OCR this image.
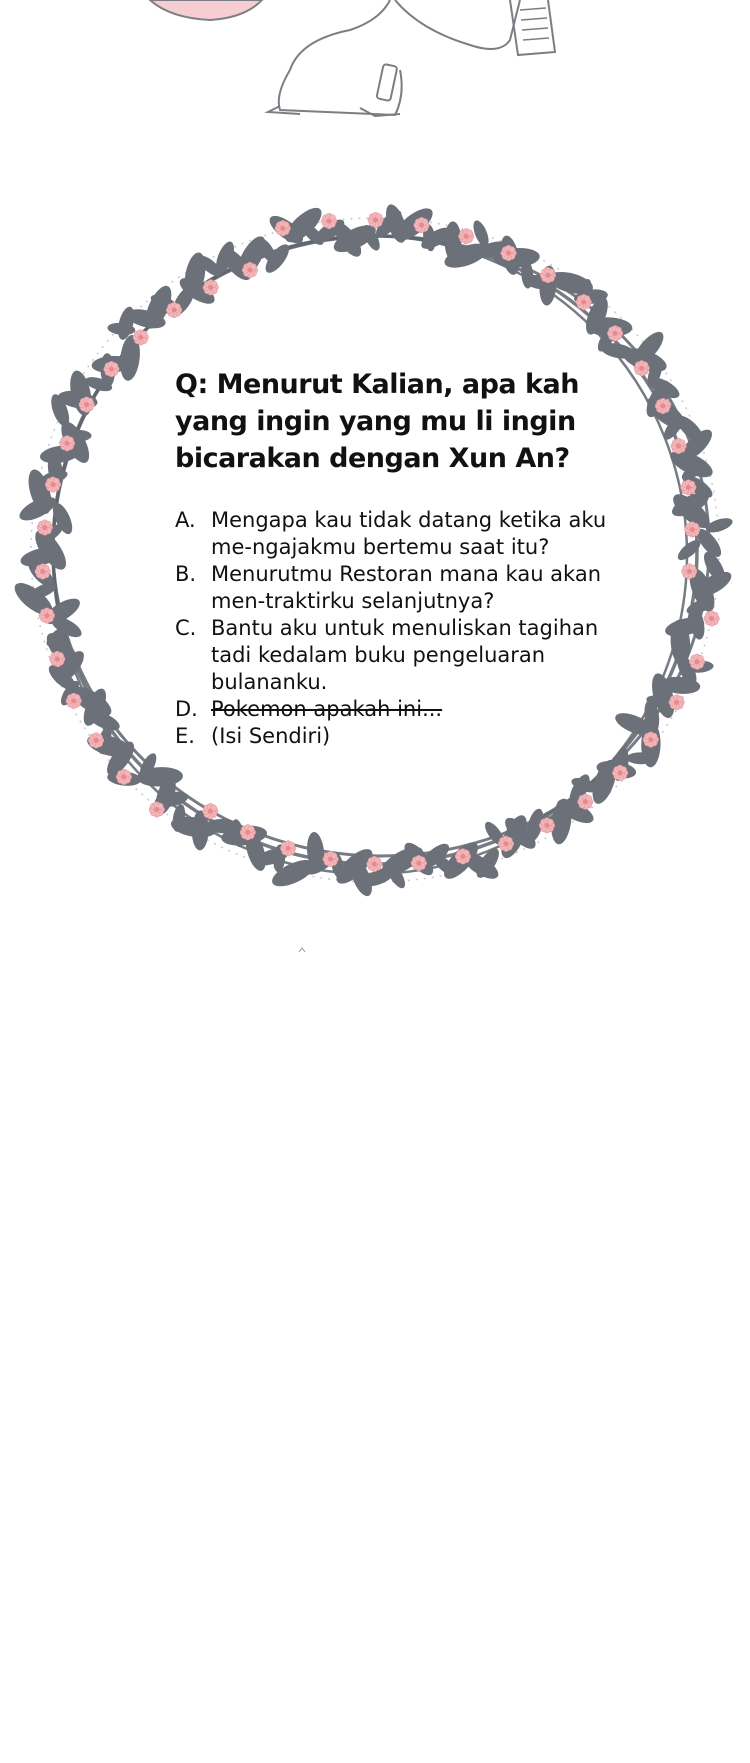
Q: Menurut Kalian, apa kah yang ingin yang mu li ingin bicarakan dengan Xun An?
A. Mengapa kau tidak datang ketika aku me-ngajakmu bertemu saat itu?
B. Menurutmu Restoran mana kau akan men-traktirku selanjutnya?
C. Bantu aku untuk menuliskan tagihan tadi kedalam buku pengeluaran bulananku.
D. Pokemon apakah ini...
E. (Isi Sendiri)
